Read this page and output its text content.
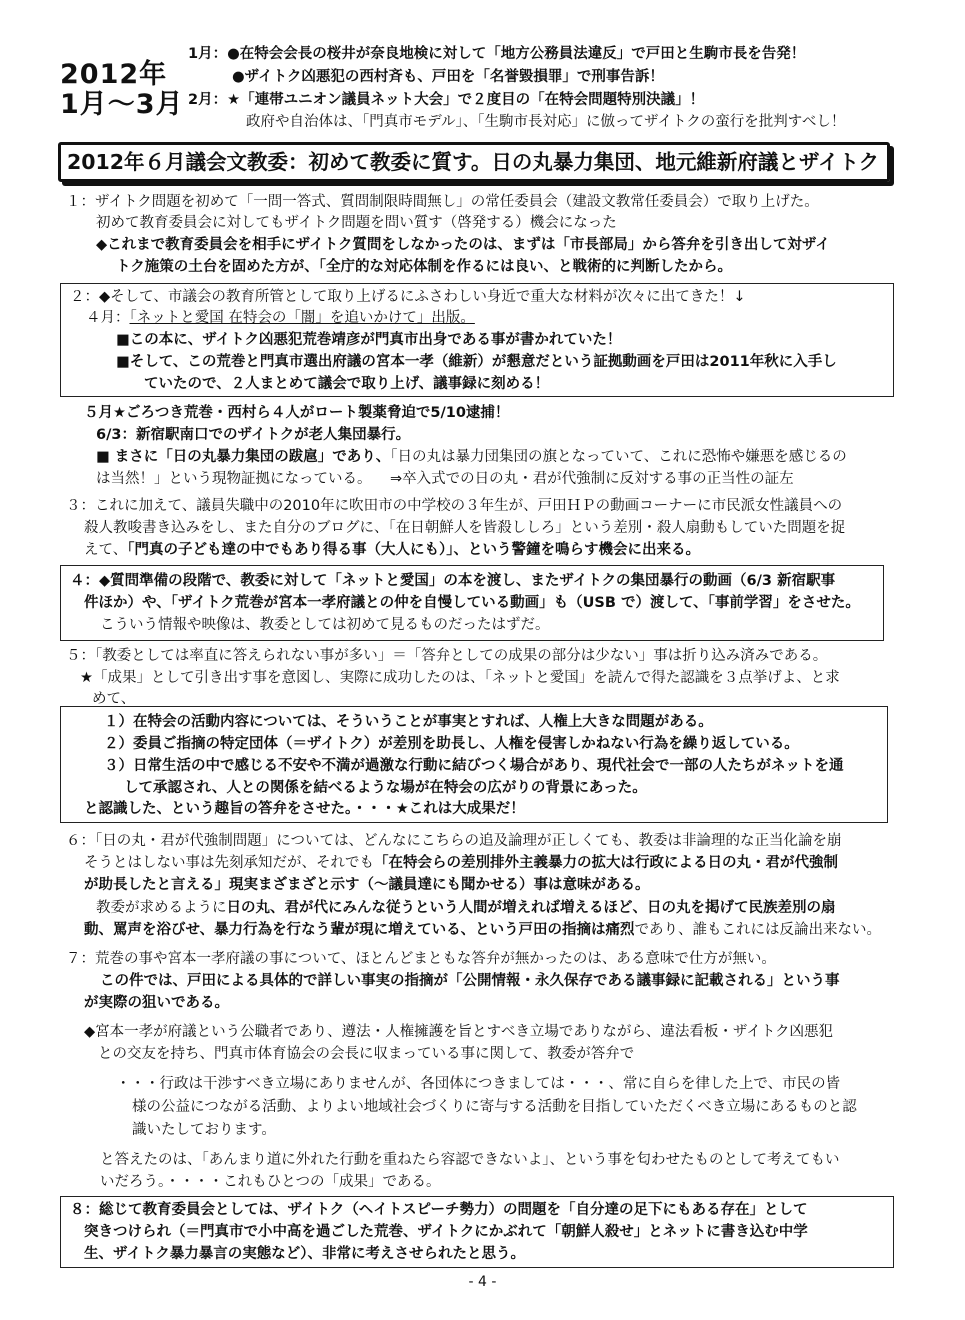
2012年
1月〜3月
1月：●在特会会長の桜井が奈良地検に対して「地方公務員法違反」で戸田と生駒市長を告発！
●ザイトク凶悪犯の西村斉も、戸田を「名誉毀損罪」で刑事告訴！
2月：★「連帯ユニオン議員ネット大会」で２度目の「在特会問題特別決議」！
政府や自治体は、「門真市モデル」、「生駒市長対応」に倣ってザイトクの蛮行を批判すべし！
2012年６月議会文教委：初めて教委に質す。日の丸暴力集団、地元維新府議とザイトク
１：ザイトク問題を初めて「一問一答式、質問制限時間無し」の常任委員会（建設文教常任委員会）で取り上げた。
初めて教育委員会に対してもザイトク問題を問い質す（啓発する）機会になった
◆これまで教育委員会を相手にザイトク質問をしなかったのは、まずは「市長部局」から答弁を引き出して対ザイ
トク施策の土台を固めた方が、「全庁的な対応体制を作るには良い、と戦術的に判断したから。
２：◆そして、市議会の教育所管として取り上げるにふさわしい身近で重大な材料が次々に出てきた！↓
４月：「ネットと愛国 在特会の「闇」を追いかけて」出版。
■この本に、ザイトク凶悪犯荒巻靖彦が門真市出身である事が書かれていた！
■そして、この荒巻と門真市選出府議の宮本一孝（維新）が懇意だという証拠動画を戸田は2011年秋に入手し
ていたので、２人まとめて議会で取り上げ、議事録に刻める！
５月★ごろつき荒巻・西村ら４人がロート製薬脅迫で5/10逮捕！
6/3：新宿駅南口でのザイトクが老人集団暴行。
■ まさに「日の丸暴力集団の跋扈」であり、「日の丸は暴力団集団の旗となっていて、これに恐怖や嫌悪を感じるの
は当然！」という現物証拠になっている。 ⇒卒入式での日の丸・君が代強制に反対する事の正当性の証左
３：これに加えて、議員失職中の2010年に吹田市の中学校の３年生が、戸田ＨＰの動画コーナーに市民派女性議員への
殺人教唆書き込みをし、また自分のブログに、「在日朝鮮人を皆殺ししろ」という差別・殺人扇動もしていた問題を捉
えて、「門真の子ども達の中でもあり得る事（大人にも）」、という警鐘を鳴らす機会に出来る。
４：◆質問準備の段階で、教委に対して「ネットと愛国」の本を渡し、またザイトクの集団暴行の動画（6/3 新宿駅事
件ほか）や、「ザイトク荒巻が宮本一孝府議との仲を自慢している動画」も（USB で）渡して、「事前学習」をさせた。
こういう情報や映像は、教委としては初めて見るものだったはずだ。
５：「教委としては率直に答えられない事が多い」＝「答弁としての成果の部分は少ない」事は折り込み済みである。
★「成果」として引き出す事を意図し、実際に成功したのは、「ネットと愛国」を読んで得た認識を３点挙げよ、と求
めて、
１）在特会の活動内容については、そういうことが事実とすれば、人権上大きな問題がある。
２）委員ご指摘の特定団体（＝ザイトク）が差別を助長し、人権を侵害しかねない行為を繰り返している。
３）日常生活の中で感じる不安や不満が過激な行動に結びつく場合があり、現代社会で一部の人たちがネットを通
して承認され、人との関係を結べるような場が在特会の広がりの背景にあった。
と認識した、という趣旨の答弁をさせた。・・・★これは大成果だ！
６：「日の丸・君が代強制問題」については、どんなにこちらの追及論理が正しくても、教委は非論理的な正当化論を崩
そうとはしない事は先刻承知だが、それでも「在特会らの差別排外主義暴力の拡大は行政による日の丸・君が代強制
が助長したと言える」現実まざまざと示す（〜議員達にも聞かせる）事は意味がある。
教委が求めるように日の丸、君が代にみんな従うという人間が増えれば増えるほど、日の丸を掲げて民族差別の扇
動、罵声を浴びせ、暴力行為を行なう輩が現に増えている、という戸田の指摘は痛烈であり、誰もこれには反論出来ない。
７：荒巻の事や宮本一孝府議の事について、ほとんどまともな答弁が無かったのは、ある意味で仕方が無い。
この件では、戸田による具体的で詳しい事実の指摘が「公開情報・永久保存である議事録に記載される」という事
が実際の狙いである。
◆宮本一孝が府議という公職者であり、遵法・人権擁護を旨とすべき立場でありながら、違法看板・ザイトク凶悪犯
との交友を持ち、門真市体育協会の会長に収まっている事に関して、教委が答弁で
・・・行政は干渉すべき立場にありませんが、各団体につきましては・・・、常に自らを律した上で、市民の皆
様の公益につながる活動、よりよい地域社会づくりに寄与する活動を目指していただくべき立場にあるものと認
識いたしております。
と答えたのは、「あんまり道に外れた行動を重ねたら容認できないよ」、という事を匂わせたものとして考えてもい
いだろう。・・・・これもひとつの「成果」である。
８：総じて教育委員会としては、ザイトク（ヘイトスピーチ勢力）の問題を「自分達の足下にもある存在」として
突きつけられ（＝門真市で小中高を過ごした荒巻、ザイトクにかぶれて「朝鮮人殺せ」とネットに書き込む中学
生、ザイトク暴力暴言の実態など）、非常に考えさせられたと思う。
- 4 -
